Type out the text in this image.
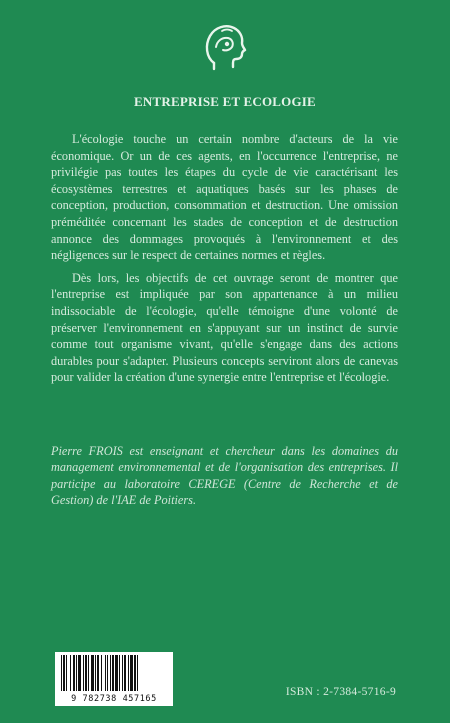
ENTREPRISE ET ECOLOGIE

L'écologie touche un certain nombre d'acteurs de la vie économique. Or un de ces agents, en l'occurrence l'entreprise, ne privilégie pas toutes les étapes du cycle de vie caractérisant les écosystèmes terrestres et aquatiques basés sur les phases de conception, production, consommation et destruction. Une omission préméditée concernant les stades de conception et de destruction annonce des dommages provoqués à l'environnement et des négligences sur le respect de certaines normes et règles.

Dès lors, les objectifs de cet ouvrage seront de montrer que l'entreprise est impliquée par son appartenance à un milieu indissociable de l'écologie, qu'elle témoigne d'une volonté de préserver l'environnement en s'appuyant sur un instinct de survie comme tout organisme vivant, qu'elle s'engage dans des actions durables pour s'adapter. Plusieurs concepts serviront alors de canevas pour valider la création d'une synergie entre l'entreprise et l'écologie.

Pierre FROIS est enseignant et chercheur dans les domaines du management environnemental et de l'organisation des entreprises. Il participe au laboratoire CEREGE (Centre de Recherche et de Gestion) de l'IAE de Poitiers.
9 782738 457165
ISBN : 2-7384-5716-9
